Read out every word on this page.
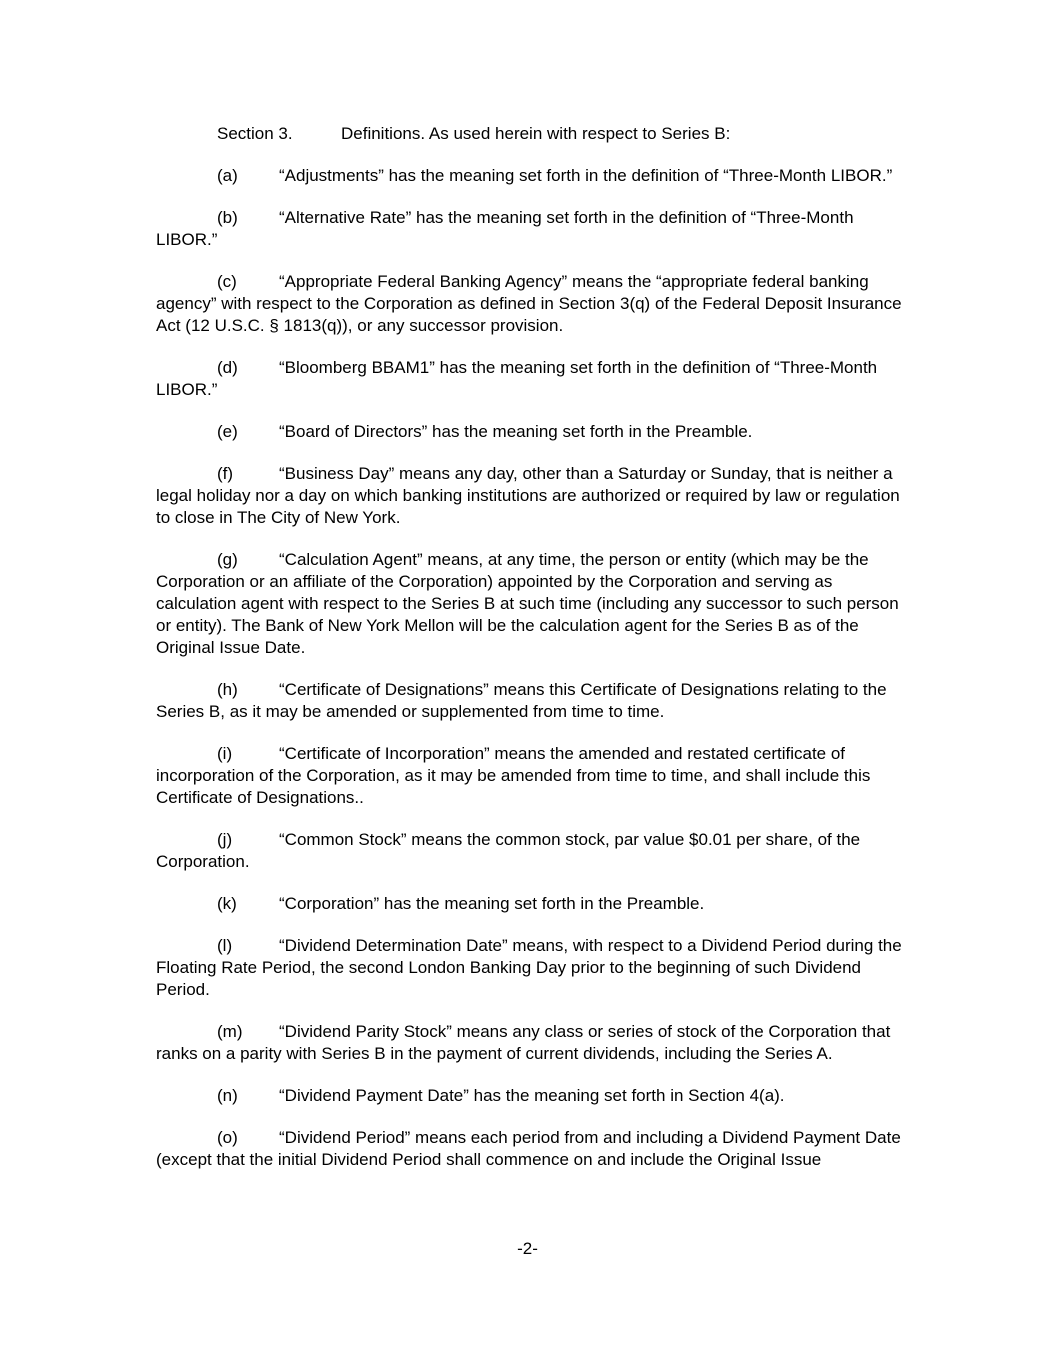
Section 3.	Definitions. As used herein with respect to Series B:

(a) “Adjustments” has the meaning set forth in the definition of “Three-Month LIBOR.”

(b) “Alternative Rate” has the meaning set forth in the definition of “Three-Month LIBOR.”

(c) “Appropriate Federal Banking Agency” means the “appropriate federal banking agency” with respect to the Corporation as defined in Section 3(q) of the Federal Deposit Insurance Act (12 U.S.C. § 1813(q)), or any successor provision.

(d) “Bloomberg BBAM1” has the meaning set forth in the definition of “Three-Month LIBOR.”

(e) “Board of Directors” has the meaning set forth in the Preamble.

(f)	“Business Day” means any day, other than a Saturday or Sunday, that is neither a legal holiday nor a day on which banking institutions are authorized or required by law or regulation to close in The City of New York.

(g) “Calculation Agent” means, at any time, the person or entity (which may be the Corporation or an affiliate of the Corporation) appointed by the Corporation and serving as calculation agent with respect to the Series B at such time (including any successor to such person or entity). The Bank of New York Mellon will be the calculation agent for the Series B as of the Original Issue Date.

(h) “Certificate of Designations” means this Certificate of Designations relating to the Series B, as it may be amended or supplemented from time to time.

(i)	“Certificate of Incorporation” means the amended and restated certificate of incorporation of the Corporation, as it may be amended from time to time, and shall include this Certificate of Designations..

(j)	“Common Stock” means the common stock, par value $0.01 per share, of the Corporation.

(k) “Corporation” has the meaning set forth in the Preamble.

(l)	“Dividend Determination Date” means, with respect to a Dividend Period during the Floating Rate Period, the second London Banking Day prior to the beginning of such Dividend Period.

(m) “Dividend Parity Stock” means any class or series of stock of the Corporation that ranks on a parity with Series B in the payment of current dividends, including the Series A.

(n) “Dividend Payment Date” has the meaning set forth in Section 4(a).

(o) “Dividend Period” means each period from and including a Dividend Payment Date (except that the initial Dividend Period shall commence on and include the Original Issue

-2-
